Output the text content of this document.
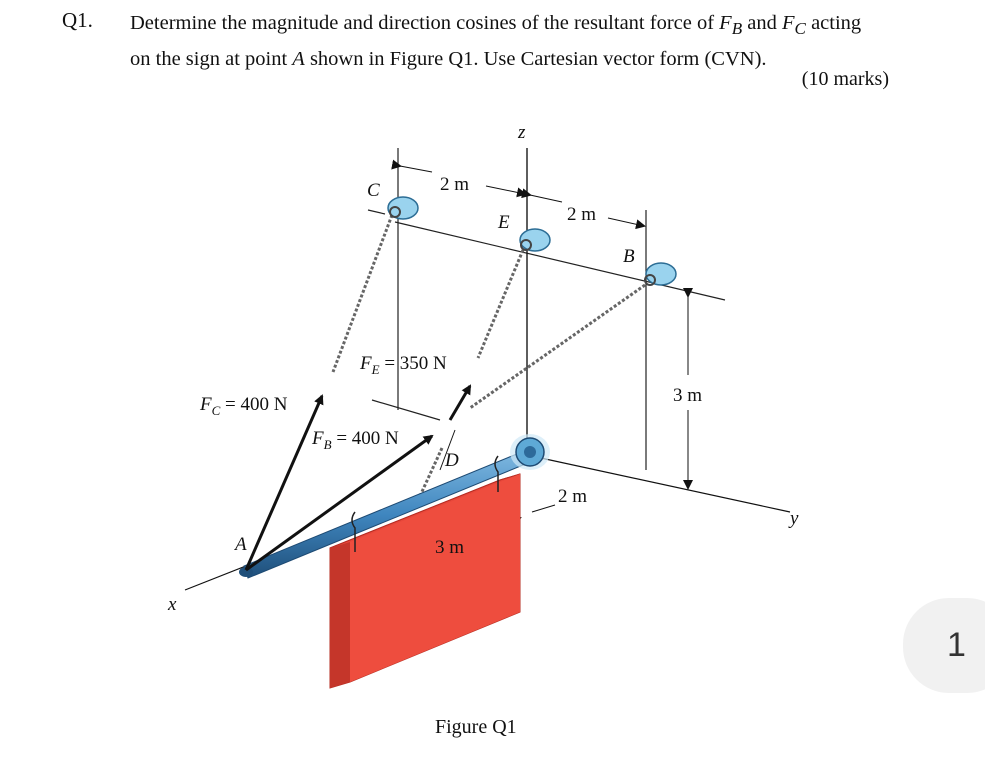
Q1. Determine the magnitude and direction cosines of the resultant force of $F_B$ and $F_C$ acting
on the sign at point A shown in Figure Q1. Use Cartesian vector form (CVN).
(10 marks)
z
x
y
C
E
B
A
D
2 m
2 m
3 m
2 m
3 m
$F_E = 350$ N
$F_C = 400$ N
$F_B = 400$ N
Figure Q1
1
